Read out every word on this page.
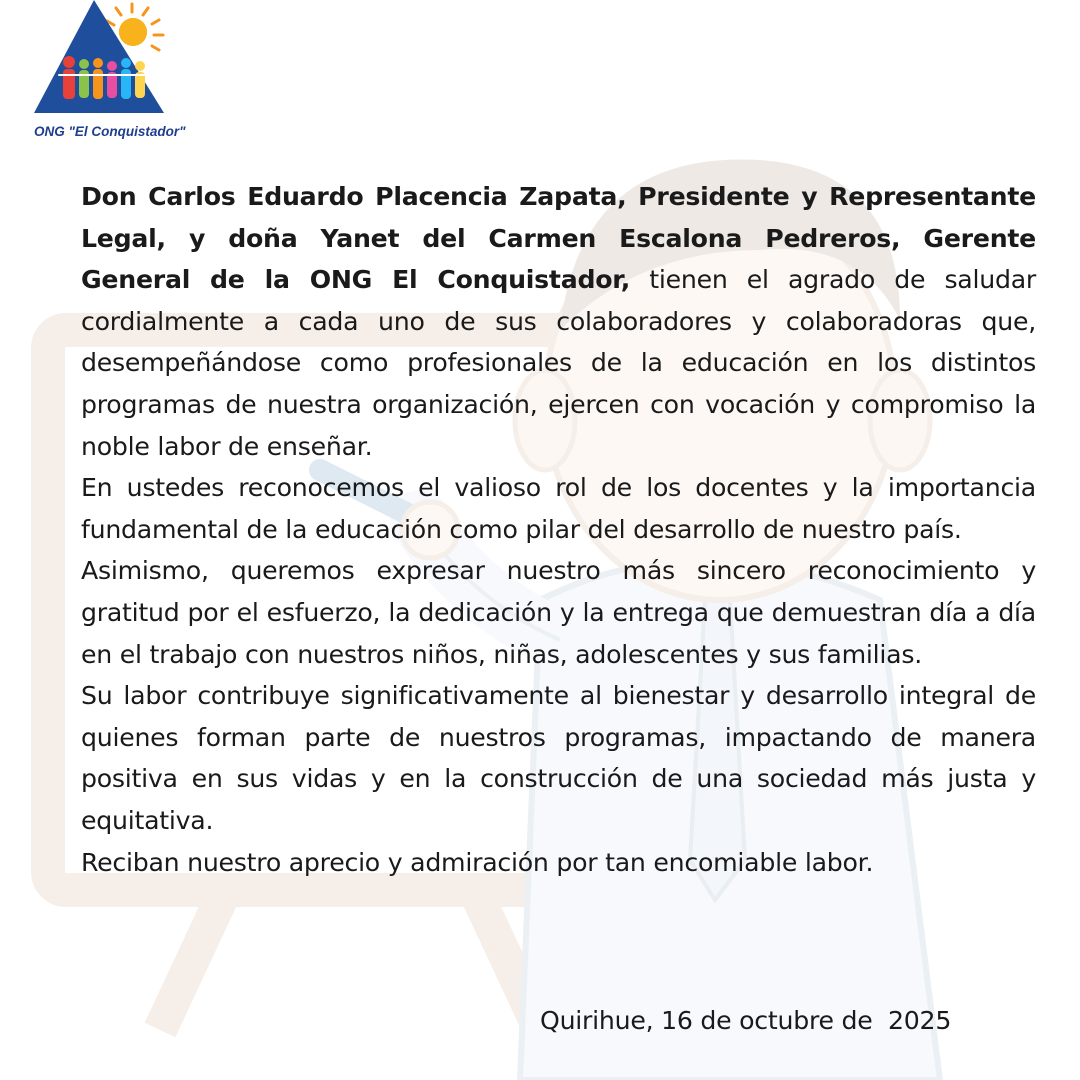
ONG "El Conquistador"

Don Carlos Eduardo Placencia Zapata, Presidente y Representante Legal, y doña Yanet del Carmen Escalona Pedreros, Gerente General de la ONG El Conquistador, tienen el agrado de saludar cordialmente a cada uno de sus colaboradores y colaboradoras que, desempeñándose como profesionales de la educación en los distintos programas de nuestra organización, ejercen con vocación y compromiso la noble labor de enseñar.

En ustedes reconocemos el valioso rol de los docentes y la importancia fundamental de la educación como pilar del desarrollo de nuestro país.

Asimismo, queremos expresar nuestro más sincero reconocimiento y gratitud por el esfuerzo, la dedicación y la entrega que demuestran día a día en el trabajo con nuestros niños, niñas, adolescentes y sus familias.

Su labor contribuye significativamente al bienestar y desarrollo integral de quienes forman parte de nuestros programas, impactando de manera positiva en sus vidas y en la construcción de una sociedad más justa y equitativa.

Reciban nuestro aprecio y admiración por tan encomiable labor.

Quirihue, 16 de octubre de  2025
